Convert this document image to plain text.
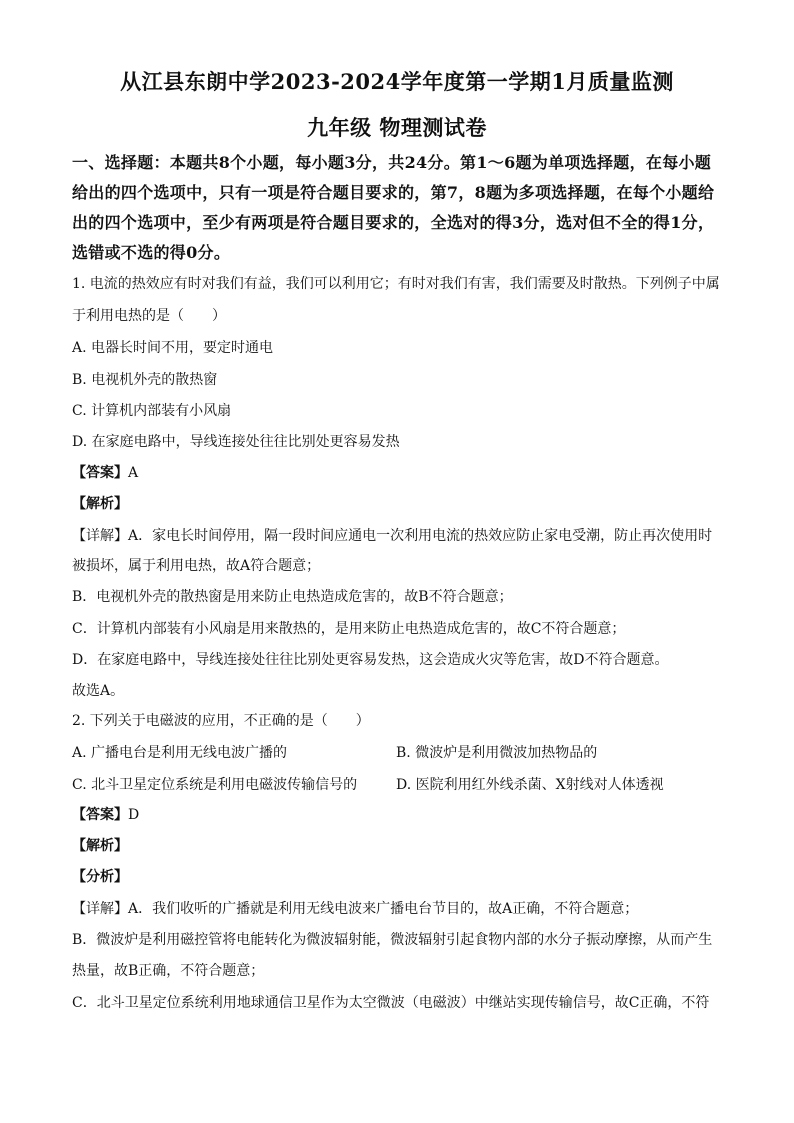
从江县东朗中学2023-2024学年度第一学期1月质量监测
九年级 物理测试卷
一、选择题：本题共8个小题，每小题3分，共24分。第1～6题为单项选择题，在每小题给出的四个选项中，只有一项是符合题目要求的，第7，8题为多项选择题，在每个小题给出的四个选项中，至少有两项是符合题目要求的，全选对的得3分，选对但不全的得1分，选错或不选的得0分。
1. 电流的热效应有时对我们有益，我们可以利用它；有时对我们有害，我们需要及时散热。下列例子中属
于利用电热的是（　　）
A. 电器长时间不用，要定时通电
B. 电视机外壳的散热窗
C. 计算机内部装有小风扇
D. 在家庭电路中，导线连接处往往比别处更容易发热
【答案】A
【解析】
【详解】A．家电长时间停用，隔一段时间应通电一次利用电流的热效应防止家电受潮，防止再次使用时
被损坏，属于利用电热，故A符合题意；
B．电视机外壳的散热窗是用来防止电热造成危害的，故B不符合题意；
C．计算机内部装有小风扇是用来散热的，是用来防止电热造成危害的，故C不符合题意；
D．在家庭电路中，导线连接处往往比别处更容易发热，这会造成火灾等危害，故D不符合题意。
故选A。
2. 下列关于电磁波的应用，不正确的是（　　）
A. 广播电台是利用无线电波广播的	B. 微波炉是利用微波加热物品的
C. 北斗卫星定位系统是利用电磁波传输信号的	D. 医院利用红外线杀菌、X射线对人体透视
【答案】D
【解析】
【分析】
【详解】A．我们收听的广播就是利用无线电波来广播电台节目的，故A正确，不符合题意；
B．微波炉是利用磁控管将电能转化为微波辐射能，微波辐射引起食物内部的水分子振动摩擦，从而产生
热量，故B正确，不符合题意；
C．北斗卫星定位系统利用地球通信卫星作为太空微波（电磁波）中继站实现传输信号，故C正确，不符
